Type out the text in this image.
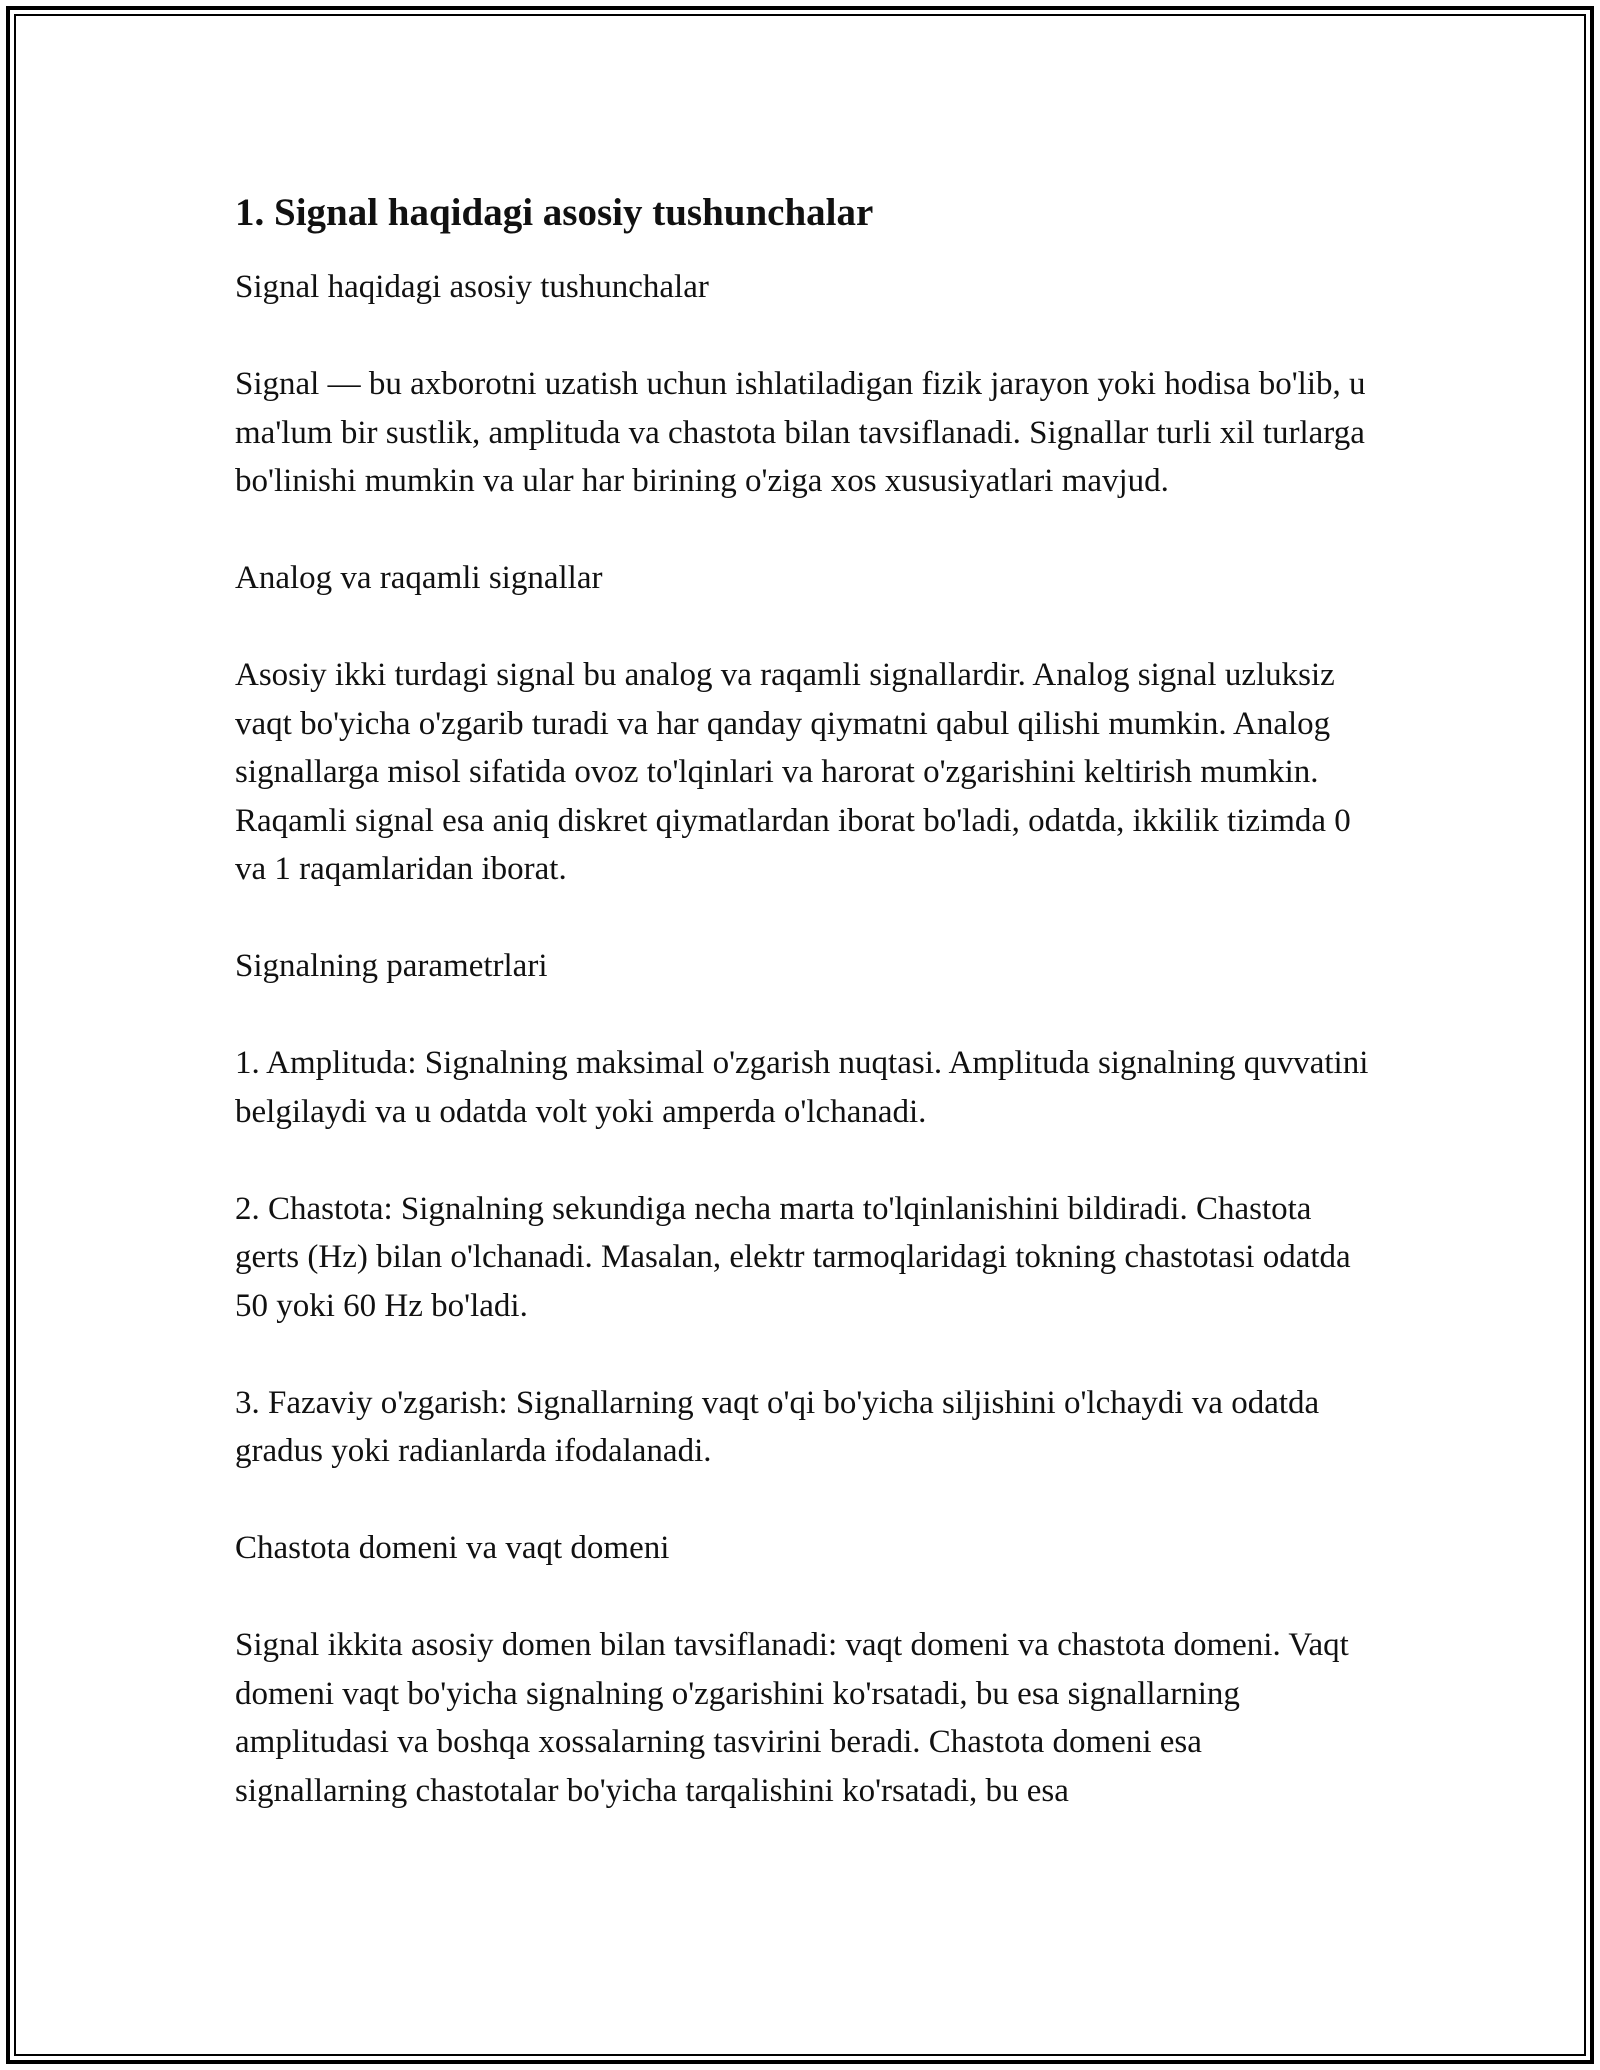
1. Signal haqidagi asosiy tushunchalar

Signal haqidagi asosiy tushunchalar

Signal — bu axborotni uzatish uchun ishlatiladigan fizik jarayon yoki hodisa bo'lib, u ma'lum bir sustlik, amplituda va chastota bilan tavsiflanadi. Signallar turli xil turlarga bo'linishi mumkin va ular har birining o'ziga xos xususiyatlari mavjud.

Analog va raqamli signallar

Asosiy ikki turdagi signal bu analog va raqamli signallardir. Analog signal uzluksiz vaqt bo'yicha o'zgarib turadi va har qanday qiymatni qabul qilishi mumkin. Analog signallarga misol sifatida ovoz to'lqinlari va harorat o'zgarishini keltirish mumkin. Raqamli signal esa aniq diskret qiymatlardan iborat bo'ladi, odatda, ikkilik tizimda 0 va 1 raqamlaridan iborat.

Signalning parametrlari

1. Amplituda: Signalning maksimal o'zgarish nuqtasi. Amplituda signalning quvvatini belgilaydi va u odatda volt yoki amperda o'lchanadi.

2. Chastota: Signalning sekundiga necha marta to'lqinlanishini bildiradi. Chastota gerts (Hz) bilan o'lchanadi. Masalan, elektr tarmoqlaridagi tokning chastotasi odatda 50 yoki 60 Hz bo'ladi.

3. Fazaviy o'zgarish: Signallarning vaqt o'qi bo'yicha siljishini o'lchaydi va odatda gradus yoki radianlarda ifodalanadi.

Chastota domeni va vaqt domeni

Signal ikkita asosiy domen bilan tavsiflanadi: vaqt domeni va chastota domeni. Vaqt domeni vaqt bo'yicha signalning o'zgarishini ko'rsatadi, bu esa signallarning amplitudasi va boshqa xossalarning tasvirini beradi. Chastota domeni esa signallarning chastotalar bo'yicha tarqalishini ko'rsatadi, bu esa
